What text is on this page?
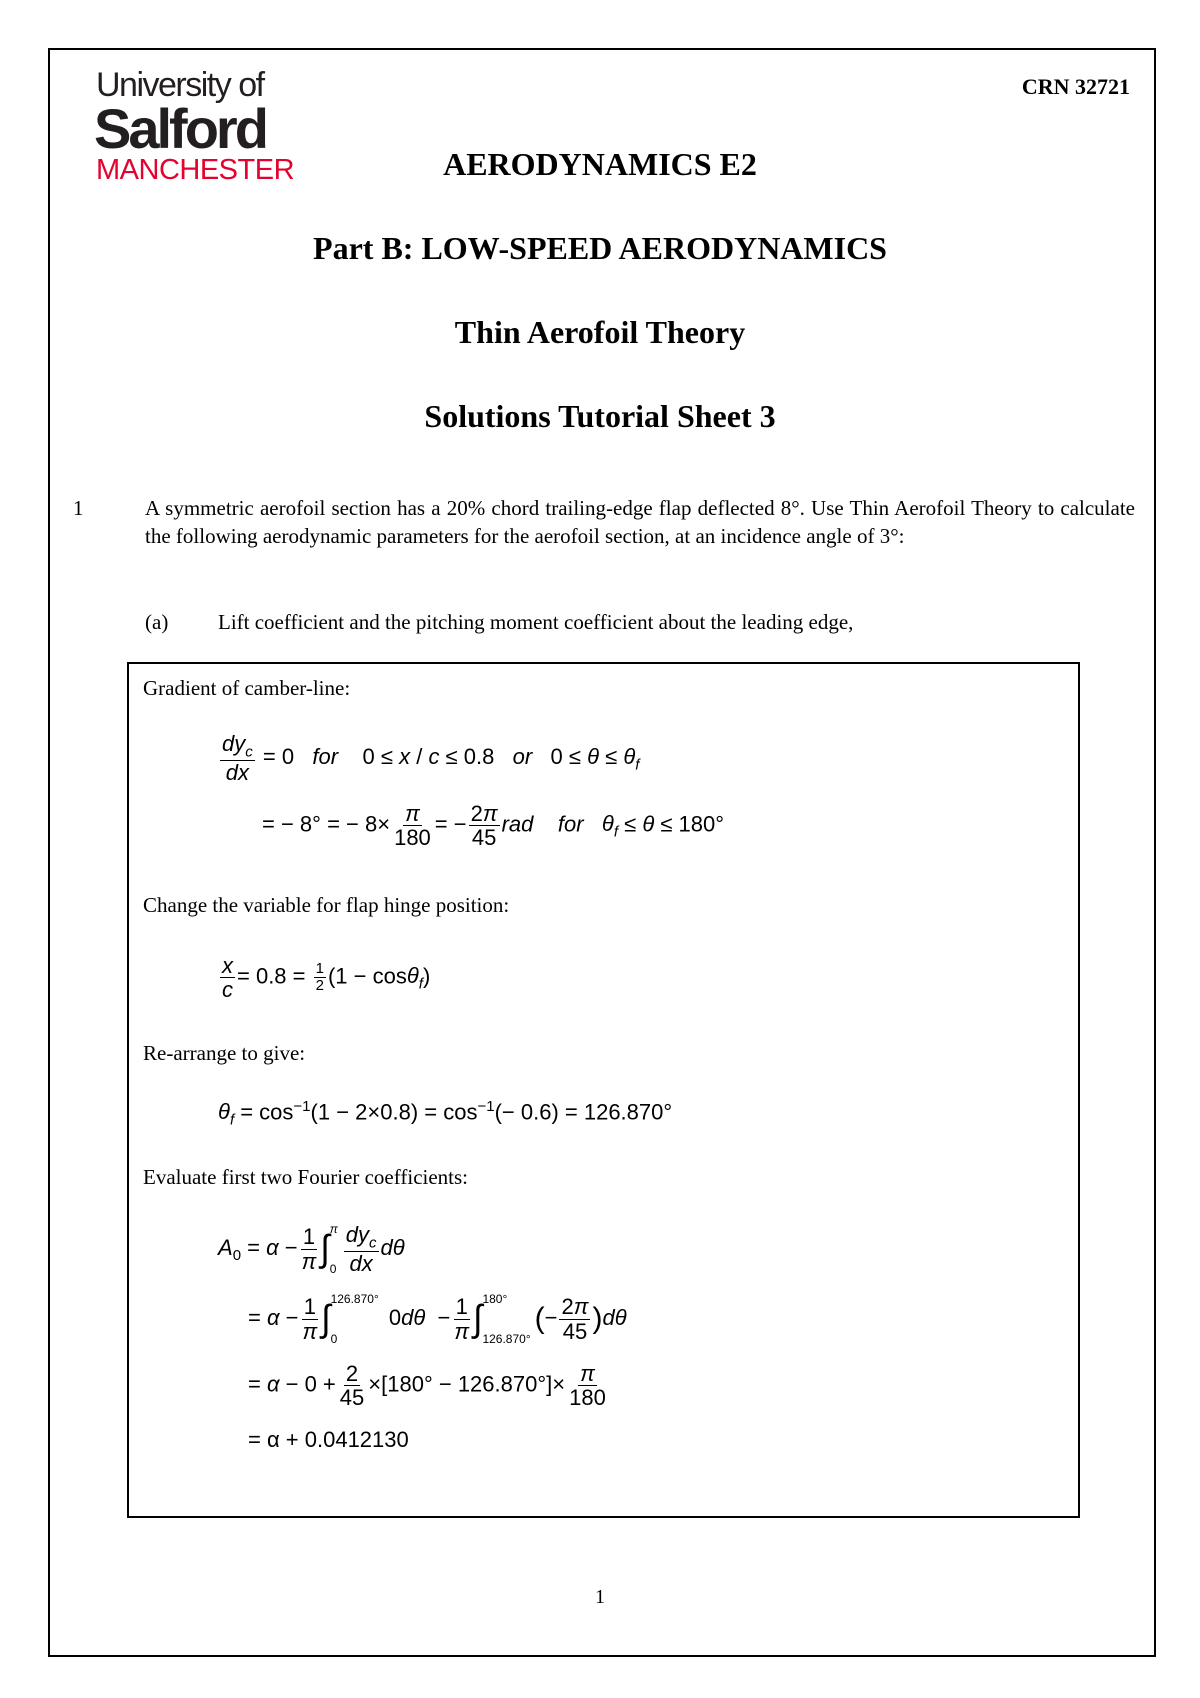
University of
Salford
MANCHESTER
CRN 32721
AERODYNAMICS E2
Part B: LOW-SPEED AERODYNAMICS
Thin Aerofoil Theory
Solutions Tutorial Sheet 3
1	A symmetric aerofoil section has a 20% chord trailing-edge flap deflected 8°. Use Thin Aerofoil Theory to calculate the following aerodynamic parameters for the aerofoil section, at an incidence angle of 3°:
(a) Lift coefficient and the pitching moment coefficient about the leading edge,
Gradient of camber-line:
$\frac{dy_c}{dx} = 0$   for    0 ≤ x / c ≤ 0.8   or   $0 \le \theta \le \theta_f$
= − 8° = − $8\times \frac{\pi}{180}$ = − $\frac{2\pi}{45}$ rad for $\theta_f \le \theta \le 180^\circ$
Change the variable for flap hinge position:
$\frac{x}{c} = 0.8 = \frac{1}{2} (1 - \cos\theta_f)$
Re-arrange to give:
$\theta_f = \cos^{-1}(1 - 2\times 0.8) = \cos^{-1}(- 0.6) = 126.870^\circ$
Evaluate first two Fourier coefficients:
$A_0 = \alpha - \frac{1}{\pi}$ ∫ π
$0 \frac{dy_c}{dx}$ dθ
= $\alpha - \frac{1}{\pi}$ ∫ 126.870°
0
$0d\theta - \frac{1}{\pi}$ ∫ 180°
126.870°
(− $\frac{2\pi}{45} )d\theta$
= $\alpha - 0 + \frac{2}{45} \times[180^\circ - 126.870^\circ]\times \frac{\pi}{180}$
= α + 0.0412130
1
